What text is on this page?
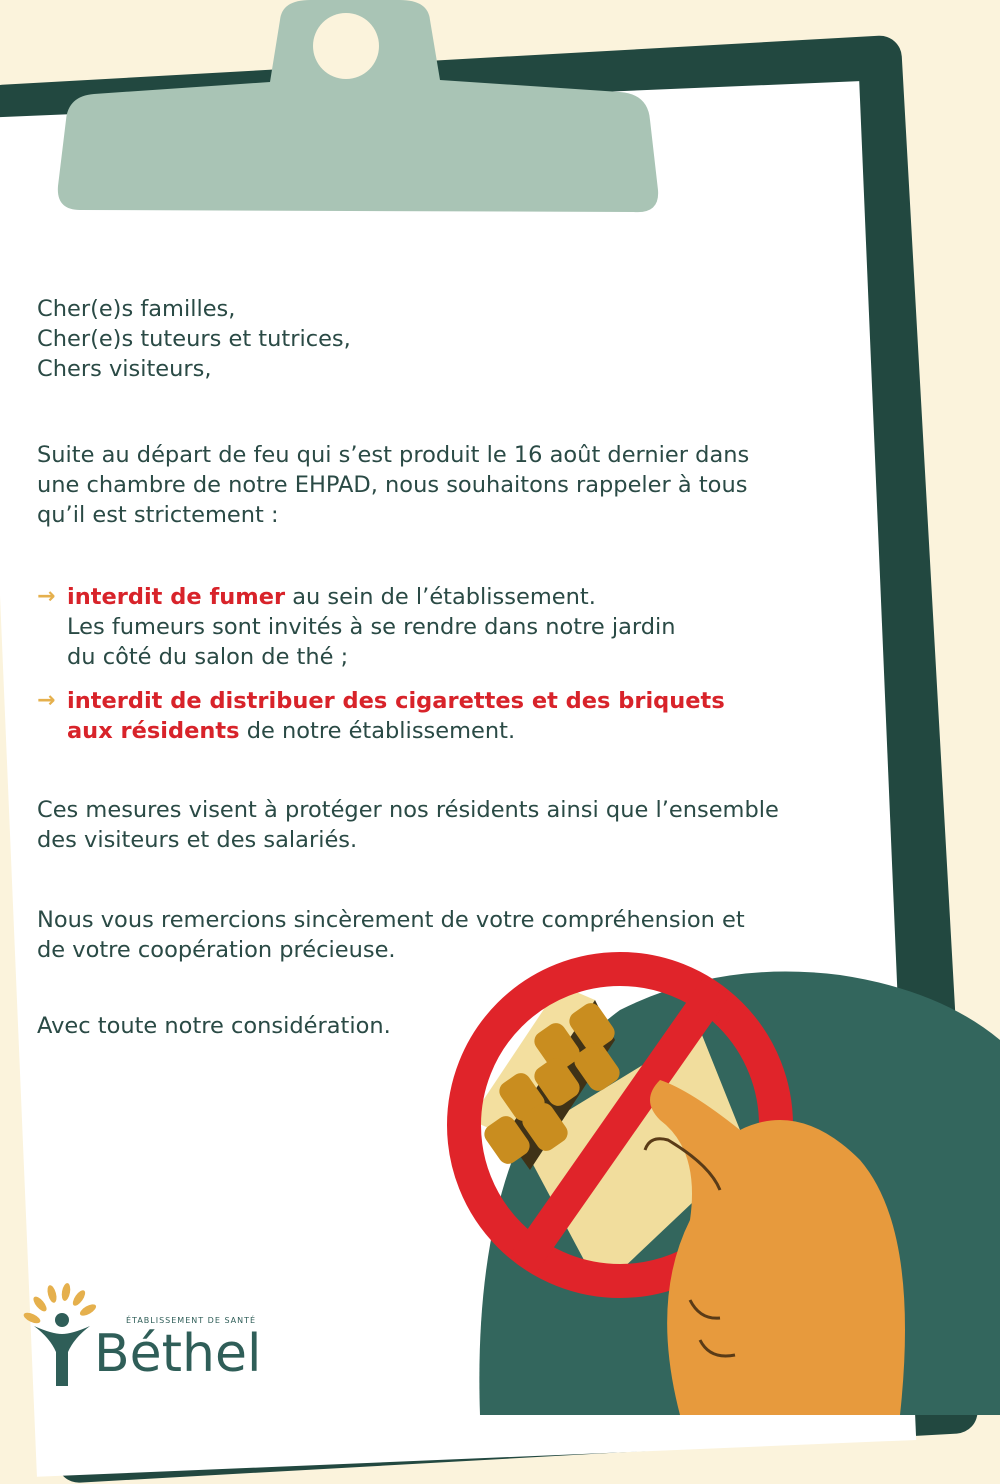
Cher(e)s familles,

Cher(e)s tuteurs et tutrices,

Chers visiteurs,

Suite au départ de feu qui s’est produit le 16 août dernier dans

une chambre de notre EHPAD, nous souhaitons rappeler à tous

qu’il est strictement :

→ interdit de fumer au sein de l’établissement.

Les fumeurs sont invités à se rendre dans notre jardin

du côté du salon de thé ;

→ interdit de distribuer des cigarettes et des briquets

aux résidents de notre établissement.

Ces mesures visent à protéger nos résidents ainsi que l’ensemble

des visiteurs et des salariés.

Nous vous remercions sincèrement de votre compréhension et

de votre coopération précieuse.

Avec toute notre considération.

ÉTABLISSEMENT DE SANTÉ
Béthel
